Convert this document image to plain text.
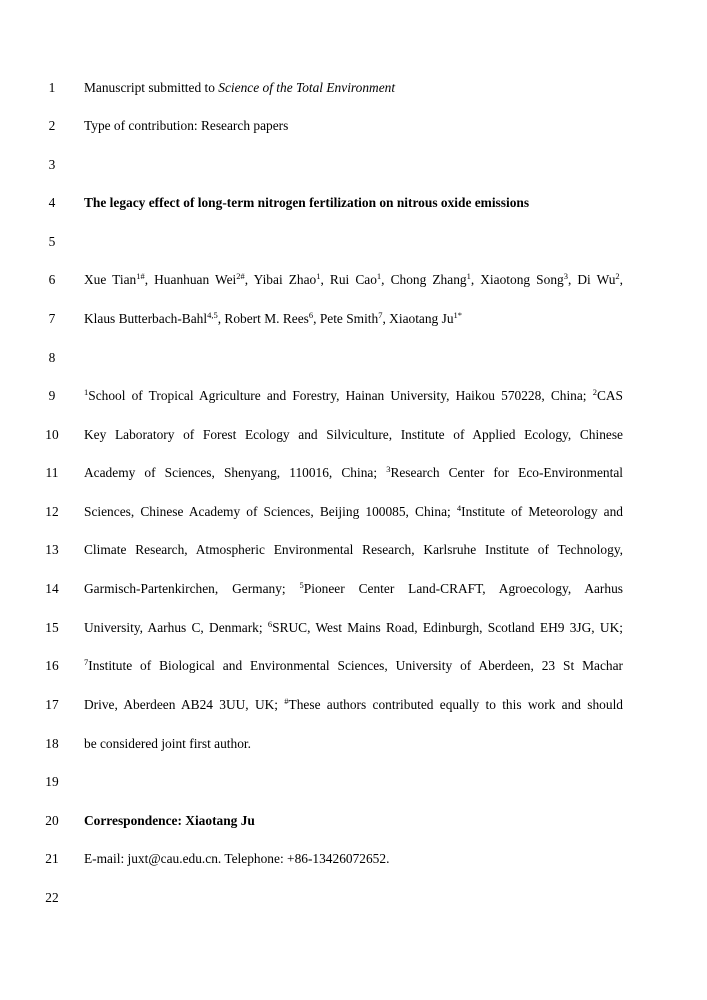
1	Manuscript submitted to Science of the Total Environment
2	Type of contribution: Research papers
3
4	The legacy effect of long-term nitrogen fertilization on nitrous oxide emissions
5
6	Xue Tian$^{1\#}$, Huanhuan Wei$^{2\#}$, Yibai Zhao$^1$, Rui Cao$^1$, Chong Zhang$^1$, Xiaotong Song$^3$, Di Wu$^2$,
7	Klaus Butterbach-Bahl$^{4,5}$, Robert M. Rees$^6$, Pete Smith$^7$, Xiaotang $Ju^{1*}$
8
9	$^1$School of Tropical Agriculture and Forestry, Hainan University, Haikou 570228, China; $^2$CAS
10	Key Laboratory of Forest Ecology and Silviculture, Institute of Applied Ecology, Chinese
11	Academy of Sciences, Shenyang, 110016, China; $^3$Research Center for Eco-Environmental
12	Sciences, Chinese Academy of Sciences, Beijing 100085, China; $^4$Institute of Meteorology and
13	Climate Research, Atmospheric Environmental Research, Karlsruhe Institute of Technology,
14	Garmisch-Partenkirchen, Germany; $^5$Pioneer Center Land-CRAFT, Agroecology, Aarhus
15	University, Aarhus C, Denmark; $^6$SRUC, West Mains Road, Edinburgh, Scotland EH9 3JG, UK;
16	$^7$Institute of Biological and Environmental Sciences, University of Aberdeen, 23 St Machar
17	Drive, Aberdeen AB24 3UU, UK; #These authors contributed equally to this work and should
18	be considered joint first author.
19
20	Correspondence: Xiaotang Ju
21	E-mail: juxt@cau.edu.cn. Telephone: +86-13426072652.
22
